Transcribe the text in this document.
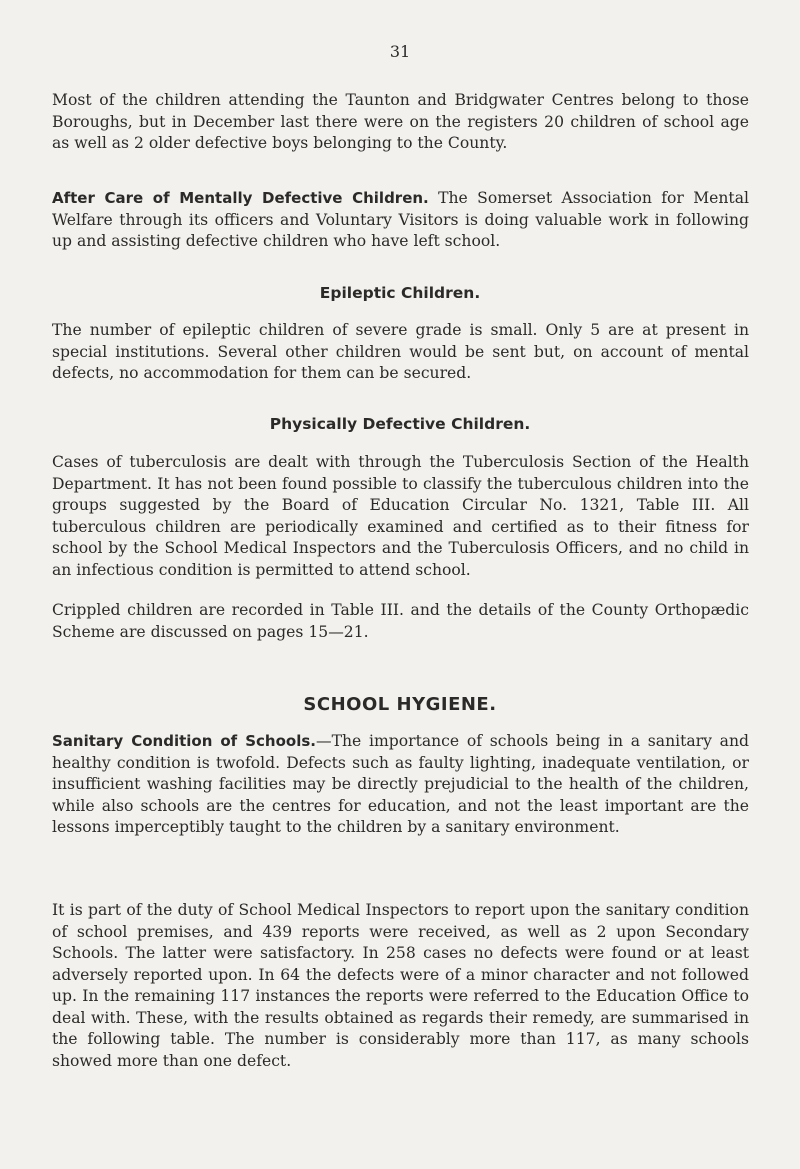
31

Most of the children attending the Taunton and Bridgwater Centres belong to those Boroughs, but in December last there were on the registers 20 children of school age as well as 2 older defective boys belonging to the County.

After Care of Mentally Defective Children. The Somerset Association for Mental Welfare through its officers and Voluntary Visitors is doing valuable work in following up and assisting defective children who have left school.

Epileptic Children.

The number of epileptic children of severe grade is small. Only 5 are at present in special institutions. Several other children would be sent but, on account of mental defects, no accommodation for them can be secured.

Physically Defective Children.

Cases of tuberculosis are dealt with through the Tuberculosis Section of the Health Department. It has not been found possible to classify the tuberculous children into the groups suggested by the Board of Education Circular No. 1321, Table III. All tuberculous children are periodically examined and certified as to their fitness for school by the School Medical Inspectors and the Tuberculosis Officers, and no child in an infectious condition is permitted to attend school.

Crippled children are recorded in Table III. and the details of the County Orthopædic Scheme are discussed on pages 15—21.

SCHOOL HYGIENE.

Sanitary Condition of Schools.—The importance of schools being in a sanitary and healthy condition is twofold. Defects such as faulty lighting, inadequate ventilation, or insufficient washing facilities may be directly prejudicial to the health of the children, while also schools are the centres for education, and not the least important are the lessons imperceptibly taught to the children by a sanitary environment.

It is part of the duty of School Medical Inspectors to report upon the sanitary condition of school premises, and 439 reports were received, as well as 2 upon Secondary Schools. The latter were satisfactory. In 258 cases no defects were found or at least adversely reported upon. In 64 the defects were of a minor character and not followed up. In the remaining 117 instances the reports were referred to the Education Office to deal with. These, with the results obtained as regards their remedy, are summarised in the following table. The number is considerably more than 117, as many schools showed more than one defect.
